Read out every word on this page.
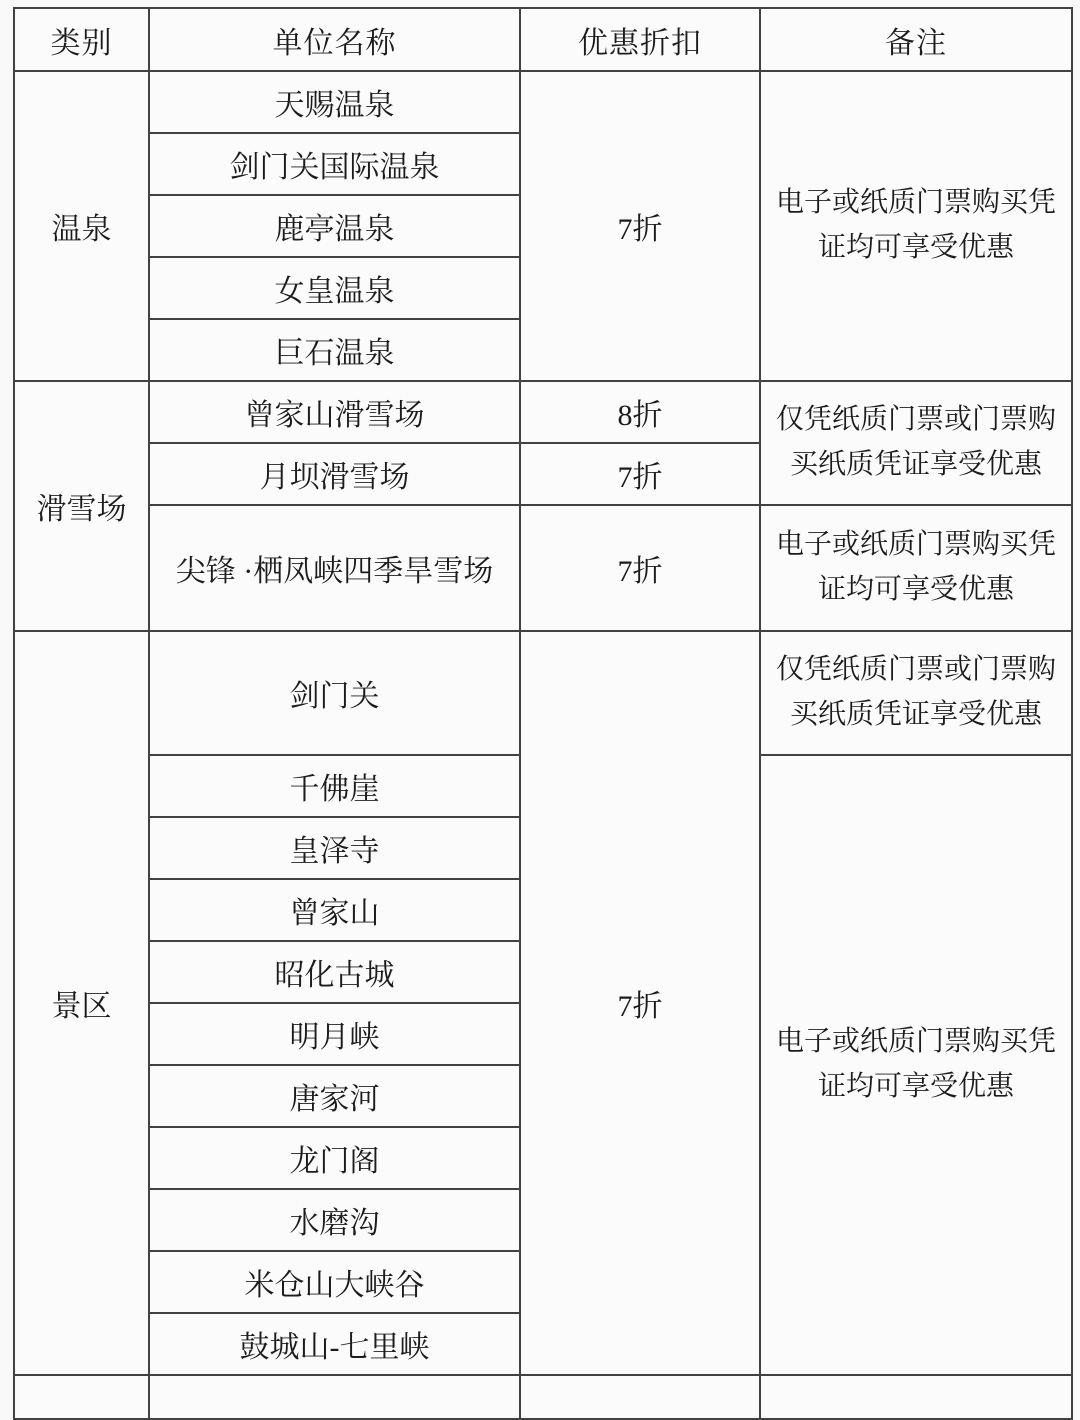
类别	单位名称	优惠折扣	备注
温泉	天赐温泉	7折	电子或纸质门票购买凭证均可享受优惠
	剑门关国际温泉		
	鹿亭温泉		
	女皇温泉		
	巨石温泉		
滑雪场	曾家山滑雪场	8折	仅凭纸质门票或门票购买纸质凭证享受优惠
	月坝滑雪场	7折	
	尖锋 ·栖凤峡四季旱雪场	7折	电子或纸质门票购买凭证均可享受优惠
景区	剑门关	7折	仅凭纸质门票或门票购买纸质凭证享受优惠
	千佛崖		电子或纸质门票购买凭证均可享受优惠
	皇泽寺		
	曾家山		
	昭化古城		
	明月峡		
	唐家河		
	龙门阁		
	水磨沟		
	米仓山大峡谷		
	鼓城山-七里峡		
